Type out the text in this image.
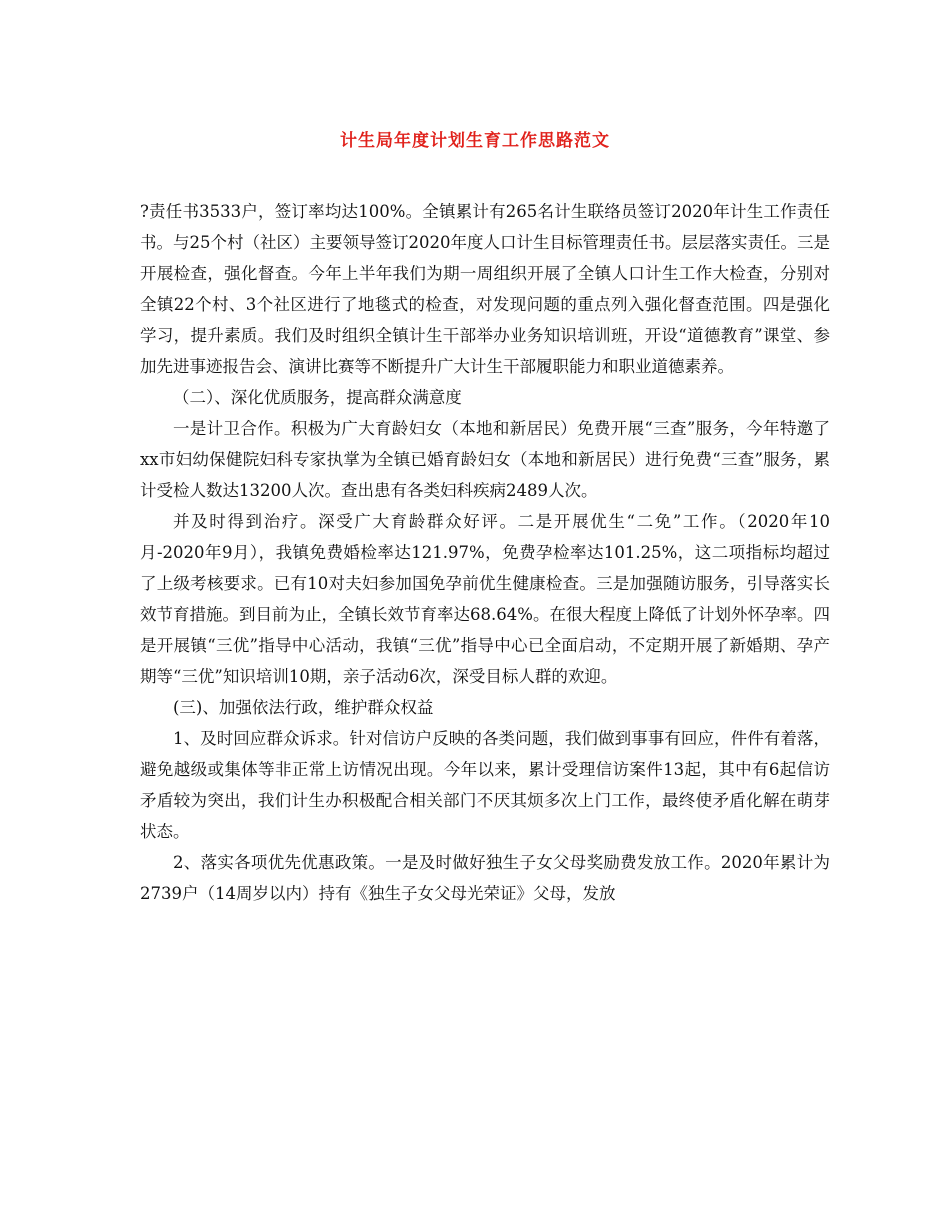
计生局年度计划生育工作思路范文

?责任书3533户，签订率均达100%。全镇累计有265名计生联络员签订2020年计生工作责任书。与25个村（社区）主要领导签订2020年度人口计生目标管理责任书。层层落实责任。三是开展检查，强化督查。今年上半年我们为期一周组织开展了全镇人口计生工作大检查，分别对全镇22个村、3个社区进行了地毯式的检查，对发现问题的重点列入强化督查范围。四是强化学习，提升素质。我们及时组织全镇计生干部举办业务知识培训班，开设“道德教育”课堂、参加先进事迹报告会、演讲比赛等不断提升广大计生干部履职能力和职业道德素养。

（二）、深化优质服务，提高群众满意度

一是计卫合作。积极为广大育龄妇女（本地和新居民）免费开展“三查”服务，今年特邀了xx市妇幼保健院妇科专家执掌为全镇已婚育龄妇女（本地和新居民）进行免费“三查”服务，累计受检人数达13200人次。查出患有各类妇科疾病2489人次。

并及时得到治疗。深受广大育龄群众好评。二是开展优生“二免”工作。（2020年10月-2020年9月），我镇免费婚检率达121.97%，免费孕检率达101.25%，这二项指标均超过了上级考核要求。已有10对夫妇参加国免孕前优生健康检查。三是加强随访服务，引导落实长效节育措施。到目前为止，全镇长效节育率达68.64%。在很大程度上降低了计划外怀孕率。四是开展镇“三优”指导中心活动，我镇“三优”指导中心已全面启动，不定期开展了新婚期、孕产期等“三优”知识培训10期，亲子活动6次，深受目标人群的欢迎。

(三)、加强依法行政，维护群众权益

1、及时回应群众诉求。针对信访户反映的各类问题，我们做到事事有回应，件件有着落，避免越级或集体等非正常上访情况出现。今年以来，累计受理信访案件13起，其中有6起信访矛盾较为突出，我们计生办积极配合相关部门不厌其烦多次上门工作，最终使矛盾化解在萌芽状态。

2、落实各项优先优惠政策。一是及时做好独生子女父母奖励费发放工作。2020年累计为2739户（14周岁以内）持有《独生子女父母光荣证》父母，发放
